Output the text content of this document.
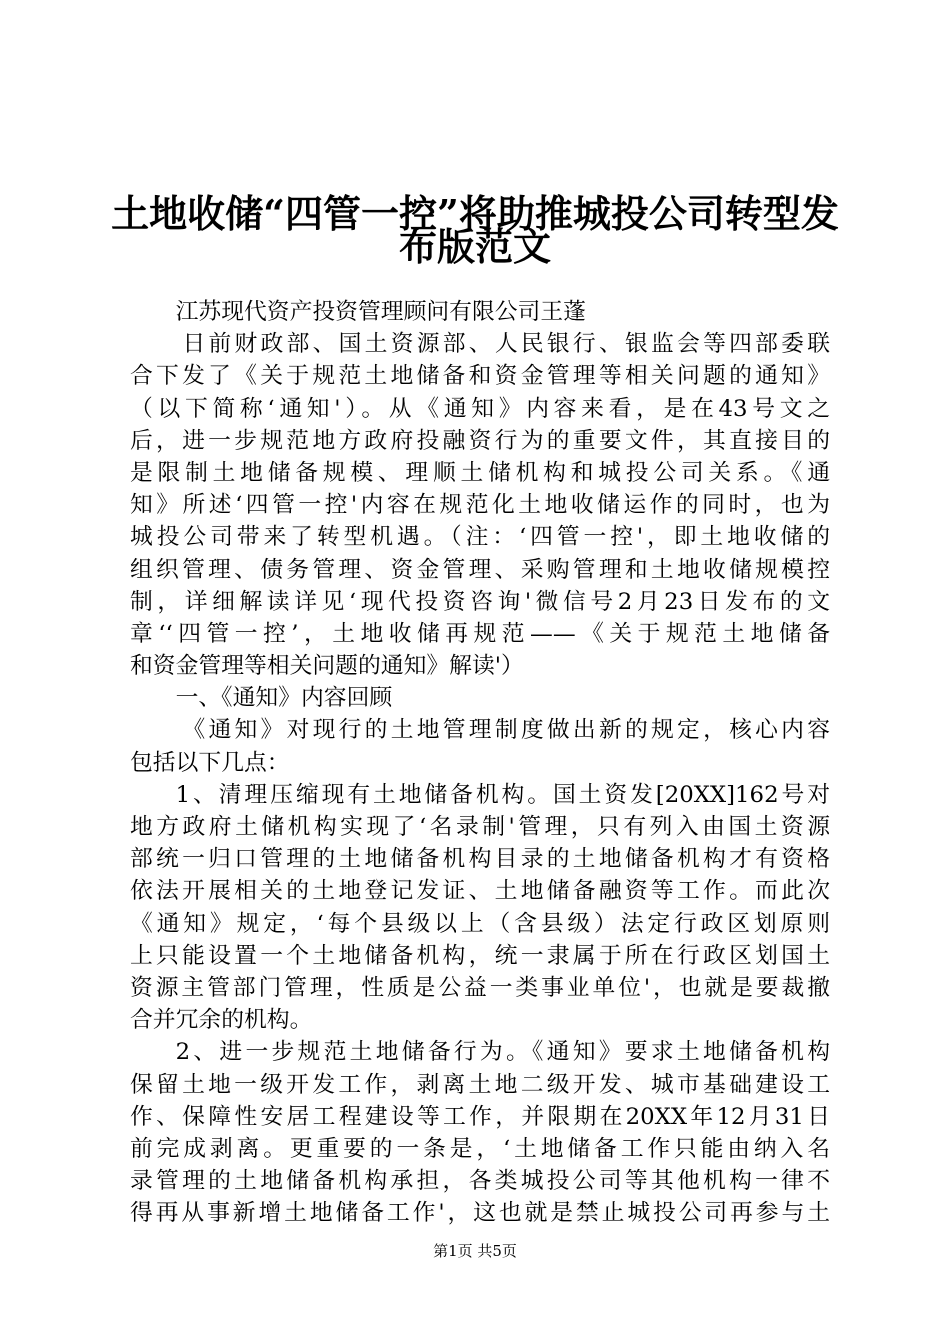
土地收储“四管一控”将助推城投公司转型发
布版范文
江苏现代资产投资管理顾问有限公司王蓬
日前财政部、国土资源部、人民银行、银监会等四部委联
合下发了《关于规范土地储备和资金管理等相关问题的通知》
（以下简称‘通知'）。从《通知》内容来看，是在43号文之
后，进一步规范地方政府投融资行为的重要文件，其直接目的
是限制土地储备规模、理顺土储机构和城投公司关系。《通
知》所述‘四管一控'内容在规范化土地收储运作的同时，也为
城投公司带来了转型机遇。（注：‘四管一控'，即土地收储的
组织管理、债务管理、资金管理、采购管理和土地收储规模控
制，详细解读详见‘现代投资咨询'微信号2月23日发布的文
章‘‘四管一控’，土地收储再规范——《关于规范土地储备
和资金管理等相关问题的通知》解读'）
一、《通知》内容回顾
《通知》对现行的土地管理制度做出新的规定，核心内容
包括以下几点：
1、清理压缩现有土地储备机构。国土资发[20XX]162号对
地方政府土储机构实现了‘名录制'管理，只有列入由国土资源
部统一归口管理的土地储备机构目录的土地储备机构才有资格
依法开展相关的土地登记发证、土地储备融资等工作。而此次
《通知》规定，‘每个县级以上（含县级）法定行政区划原则
上只能设置一个土地储备机构，统一隶属于所在行政区划国土
资源主管部门管理，性质是公益一类事业单位'，也就是要裁撤
合并冗余的机构。
2、进一步规范土地储备行为。《通知》要求土地储备机构
保留土地一级开发工作，剥离土地二级开发、城市基础建设工
作、保障性安居工程建设等工作，并限期在20XX年12月31日
前完成剥离。更重要的一条是，‘土地储备工作只能由纳入名
录管理的土地储备机构承担，各类城投公司等其他机构一律不
得再从事新增土地储备工作'，这也就是禁止城投公司再参与土
第1页 共5页
